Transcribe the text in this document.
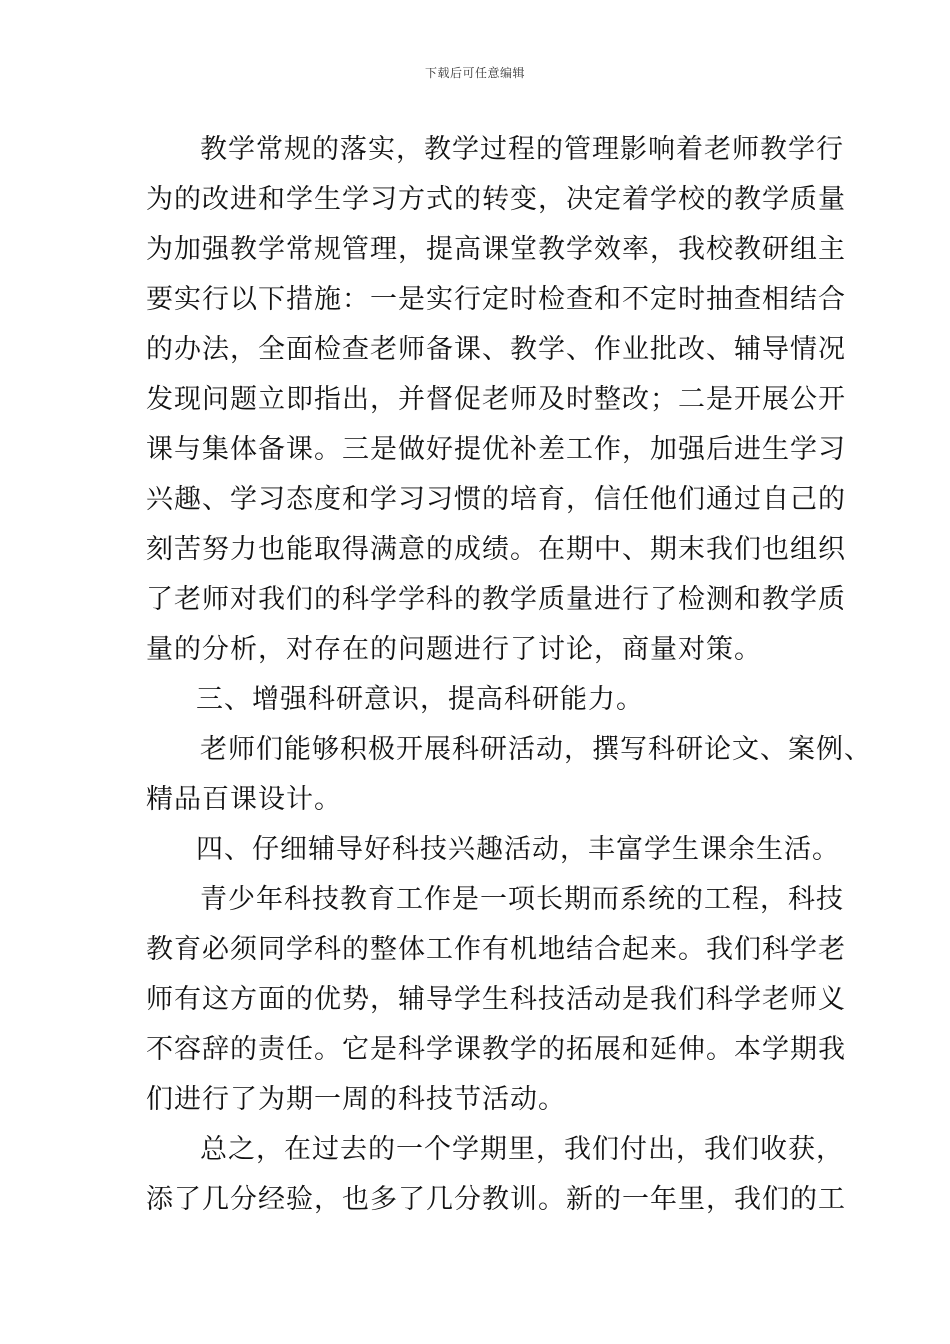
下载后可任意编辑
教学常规的落实，教学过程的管理影响着老师教学行
为的改进和学生学习方式的转变，决定着学校的教学质量
为加强教学常规管理，提高课堂教学效率，我校教研组主
要实行以下措施：一是实行定时检查和不定时抽查相结合
的办法，全面检查老师备课、教学、作业批改、辅导情况
发现问题立即指出，并督促老师及时整改；二是开展公开
课与集体备课。三是做好提优补差工作，加强后进生学习
兴趣、学习态度和学习习惯的培育，信任他们通过自己的
刻苦努力也能取得满意的成绩。在期中、期末我们也组织
了老师对我们的科学学科的教学质量进行了检测和教学质
量的分析，对存在的问题进行了讨论，商量对策。
三、增强科研意识，提高科研能力。
老师们能够积极开展科研活动，撰写科研论文、案例、
精品百课设计。
四、仔细辅导好科技兴趣活动，丰富学生课余生活。
青少年科技教育工作是一项长期而系统的工程，科技
教育必须同学科的整体工作有机地结合起来。我们科学老
师有这方面的优势，辅导学生科技活动是我们科学老师义
不容辞的责任。它是科学课教学的拓展和延伸。本学期我
们进行了为期一周的科技节活动。
总之，在过去的一个学期里，我们付出，我们收获，
添了几分经验，也多了几分教训。新的一年里，我们的工
